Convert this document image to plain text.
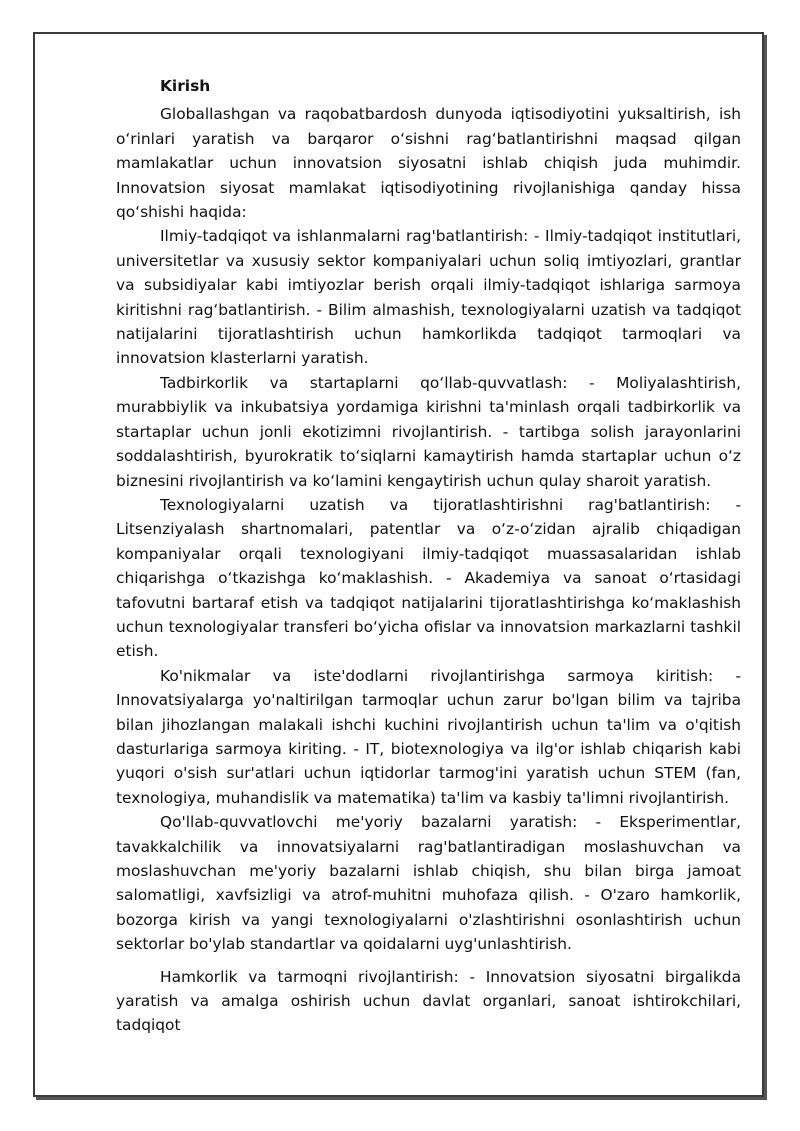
Kirish

Globallashgan va raqobatbardosh dunyoda iqtisodiyotini yuksaltirish, ish oʻrinlari yaratish va barqaror oʻsishni ragʻbatlantirishni maqsad qilgan mamlakatlar uchun innovatsion siyosatni ishlab chiqish juda muhimdir. Innovatsion siyosat mamlakat iqtisodiyotining rivojlanishiga qanday hissa qoʻshishi haqida:

Ilmiy-tadqiqot va ishlanmalarni rag'batlantirish: - Ilmiy-tadqiqot institutlari, universitetlar va xususiy sektor kompaniyalari uchun soliq imtiyozlari, grantlar va subsidiyalar kabi imtiyozlar berish orqali ilmiy-tadqiqot ishlariga sarmoya kiritishni ragʻbatlantirish. - Bilim almashish, texnologiyalarni uzatish va tadqiqot natijalarini tijoratlashtirish uchun hamkorlikda tadqiqot tarmoqlari va innovatsion klasterlarni yaratish.

Tadbirkorlik va startaplarni qoʻllab-quvvatlash: - Moliyalashtirish, murabbiylik va inkubatsiya yordamiga kirishni ta'minlash orqali tadbirkorlik va startaplar uchun jonli ekotizimni rivojlantirish. - tartibga solish jarayonlarini soddalashtirish, byurokratik toʻsiqlarni kamaytirish hamda startaplar uchun oʻz biznesini rivojlantirish va koʻlamini kengaytirish uchun qulay sharoit yaratish.

Texnologiyalarni uzatish va tijoratlashtirishni rag'batlantirish: - Litsenziyalash shartnomalari, patentlar va oʻz-oʻzidan ajralib chiqadigan kompaniyalar orqali texnologiyani ilmiy-tadqiqot muassasalaridan ishlab chiqarishga oʻtkazishga koʻmaklashish. - Akademiya va sanoat oʻrtasidagi tafovutni bartaraf etish va tadqiqot natijalarini tijoratlashtirishga koʻmaklashish uchun texnologiyalar transferi boʻyicha ofislar va innovatsion markazlarni tashkil etish.

Ko'nikmalar va iste'dodlarni rivojlantirishga sarmoya kiritish: - Innovatsiyalarga yo'naltirilgan tarmoqlar uchun zarur bo'lgan bilim va tajriba bilan jihozlangan malakali ishchi kuchini rivojlantirish uchun ta'lim va o'qitish dasturlariga sarmoya kiriting. - IT, biotexnologiya va ilg'or ishlab chiqarish kabi yuqori o'sish sur'atlari uchun iqtidorlar tarmog'ini yaratish uchun STEM (fan, texnologiya, muhandislik va matematika) ta'lim va kasbiy ta'limni rivojlantirish.

Qo'llab-quvvatlovchi me'yoriy bazalarni yaratish: - Eksperimentlar, tavakkalchilik va innovatsiyalarni rag'batlantiradigan moslashuvchan va moslashuvchan me'yoriy bazalarni ishlab chiqish, shu bilan birga jamoat salomatligi, xavfsizligi va atrof-muhitni muhofaza qilish. - O'zaro hamkorlik, bozorga kirish va yangi texnologiyalarni o'zlashtirishni osonlashtirish uchun sektorlar bo'ylab standartlar va qoidalarni uyg'unlashtirish.

Hamkorlik va tarmoqni rivojlantirish: - Innovatsion siyosatni birgalikda yaratish va amalga oshirish uchun davlat organlari, sanoat ishtirokchilari, tadqiqot
